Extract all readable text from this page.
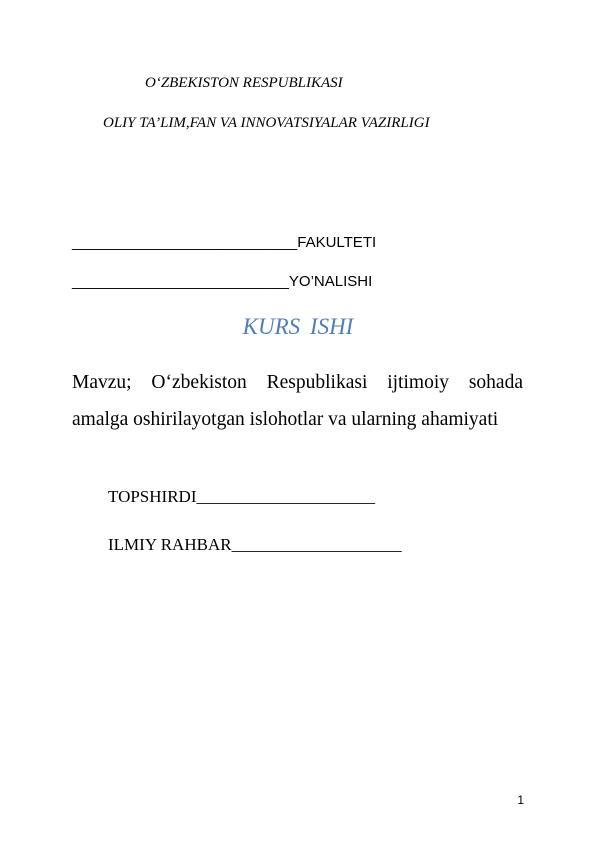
O‘ZBEKISTON RESPUBLIKASI
OLIY TA’LIM,FAN VA INNOVATSIYALAR VAZIRLIGI
___________________________FAKULTETI
__________________________YO’NALISHI
KURS ISHI
Mavzu; O‘zbekiston Respublikasi ijtimoiy sohada amalga oshirilayotgan islohotlar va ularning ahamiyati
TOPSHIRDI_____________________
ILMIY RAHBAR____________________
1
